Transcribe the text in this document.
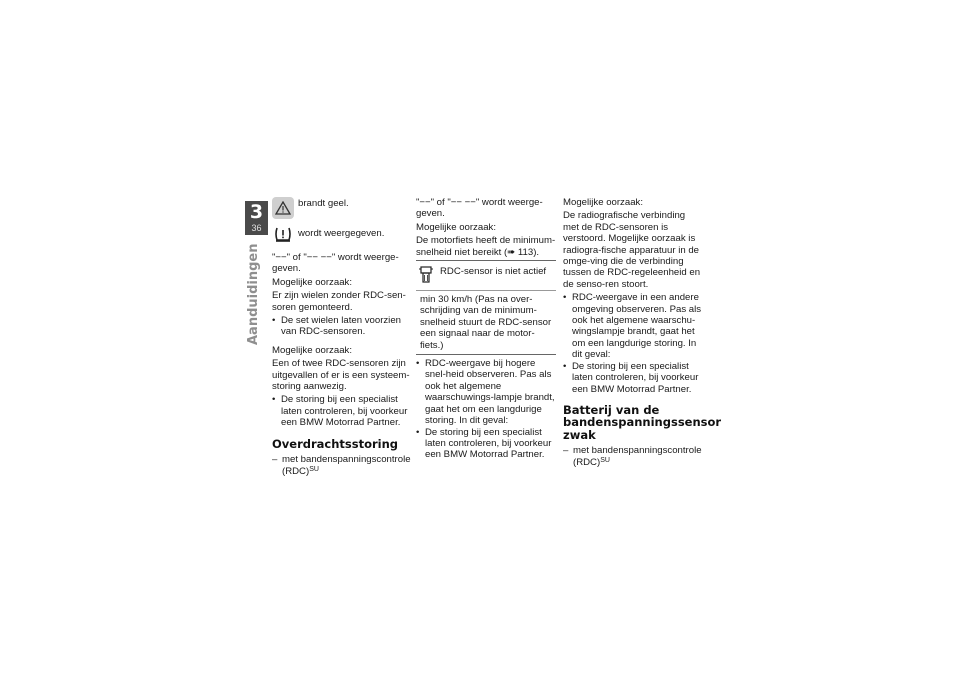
3
36
Aanduidingen
brandt geel.
wordt weergegeven.

"−−" of "−− −−" wordt weerge-geven.

Mogelijke oorzaak:

Er zijn wielen zonder RDC-sen-soren gemonteerd.

• De set wielen laten voorzien van RDC-sensoren.

Mogelijke oorzaak:

Een of twee RDC-sensoren zijn uitgevallen of er is een systeem-storing aanwezig.

• De storing bij een specialist laten controleren, bij voorkeur een BMW Motorrad Partner.
Overdrachtsstoring
– met bandenspanningscontrole (RDC)$^{SU}$

"−−" of "−− −−" wordt weerge-geven.

Mogelijke oorzaak:

De motorfiets heeft de minimum-snelheid niet bereikt (➠ 113).

RDC-sensor is niet actief
min 30 km/h (Pas na over-schrijding van de minimum-snelheid stuurt de RDC-sensor een signaal naar de motor-fiets.)
• RDC-weergave bij hogere snel-heid observeren. Pas als ook het algemene waarschuwings-lampje brandt, gaat het om een langdurige storing. In dit geval:
• De storing bij een specialist laten controleren, bij voorkeur een BMW Motorrad Partner.

Mogelijke oorzaak:

De radiografische verbinding met de RDC-sensoren is verstoord. Mogelijke oorzaak is radiogra-fische apparatuur in de omge-ving die de verbinding tussen de RDC-regeleenheid en de senso-ren stoort.

• RDC-weergave in een andere omgeving observeren. Pas als ook het algemene waarschu-wingslampje brandt, gaat het om een langdurige storing. In dit geval:
• De storing bij een specialist laten controleren, bij voorkeur een BMW Motorrad Partner.
Batterij van de bandenspanningssensor zwak
– met bandenspanningscontrole (RDC)$^{SU}$
